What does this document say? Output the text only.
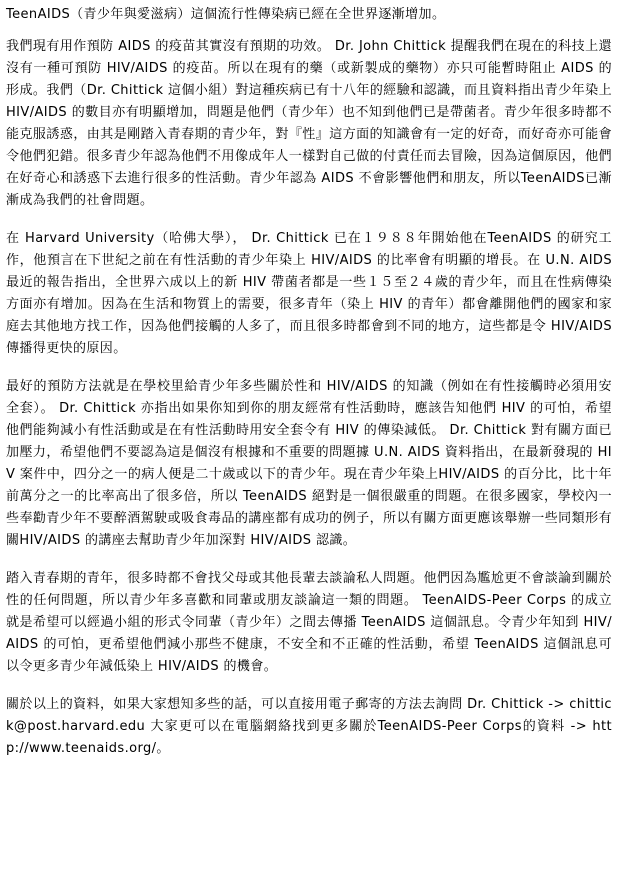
TeenAIDS（青少年與愛滋病）這個流行性傳染病已經在全世界逐漸增加。

我們現有用作預防 AIDS 的疫苗其實沒有預期的功效。 Dr. John Chittick 提醒我們在現在的科技上還沒有一種可預防 HIV/AIDS 的疫苗。所以在現有的藥（或新製成的藥物）亦只可能暫時阻止 AIDS 的形成。我們（Dr. Chittick 這個小組）對這種疾病已有十八年的經驗和認識，而且資料指出青少年染上 HIV/AIDS 的數目亦有明顯增加，問題是他們（青少年）也不知到他們已是帶菌者。青少年很多時都不能克服誘惑，由其是剛踏入青春期的青少年，對『性』這方面的知識會有一定的好奇，而好奇亦可能會令他們犯錯。很多青少年認為他們不用像成年人一樣對自己做的付責任而去冒險，因為這個原因，他們在好奇心和誘惑下去進行很多的性活動。青少年認為 AIDS 不會影響他們和朋友，所以TeenAIDS已漸漸成為我們的社會問題。

在 Harvard University（哈佛大學）， Dr. Chittick 已在１９８８年開始他在TeenAIDS 的研究工作，他預言在下世紀之前在有性活動的青少年染上 HIV/AIDS 的比率會有明顯的增長。在 U.N. AIDS 最近的報告指出，全世界六成以上的新 HIV 帶菌者都是一些１５至２４歲的青少年，而且在性病傳染方面亦有增加。因為在生活和物質上的需要，很多青年（染上 HIV 的青年）都會離開他們的國家和家庭去其他地方找工作，因為他們接觸的人多了，而且很多時都會到不同的地方，這些都是令 HIV/AIDS 傳播得更快的原因。

最好的預防方法就是在學校里給青少年多些關於性和 HIV/AIDS 的知識（例如在有性接觸時必須用安全套）。 Dr. Chittick 亦指出如果你知到你的朋友經常有性活動時，應該告知他們 HIV 的可怕，希望他們能夠減小有性活動或是在有性活動時用安全套令有 HIV 的傳染減低。 Dr. Chittick 對有關方面已加壓力，希望他們不要認為這是個沒有根據和不重要的問題據 U.N. AIDS 資料指出，在最新發現的 HIV 案件中，四分之一的病人便是二十歲或以下的青少年。現在青少年染上HIV/AIDS 的百分比，比十年前萬分之一的比率高出了很多倍，所以 TeenAIDS 絕對是一個很嚴重的問題。在很多國家，學校內一些奉勸青少年不要醉酒駕駛或吸食毒品的講座都有成功的例子，所以有關方面更應该舉辦一些同類形有關HIV/AIDS 的講座去幫助青少年加深對 HIV/AIDS 認識。

踏入青春期的青年，很多時都不會找父母或其他長輩去談論私人問題。他們因為尷尬更不會談論到關於性的任何問題，所以青少年多喜歡和同輩或朋友談論這一類的問題。 TeenAIDS-Peer Corps 的成立就是希望可以經過小組的形式令同輩（青少年）之間去傳播 TeenAIDS 這個訊息。令青少年知到 HIV/AIDS 的可怕，更希望他們減小那些不健康，不安全和不正確的性活動，希望 TeenAIDS 這個訊息可以令更多青少年減低染上 HIV/AIDS 的機會。

關於以上的資料，如果大家想知多些的話，可以直接用電子郵寄的方法去詢問 Dr. Chittick -> chittick@post.harvard.edu 大家更可以在電腦網絡找到更多關於TeenAIDS-Peer Corps的資料 -> http://www.teenaids.org/。
